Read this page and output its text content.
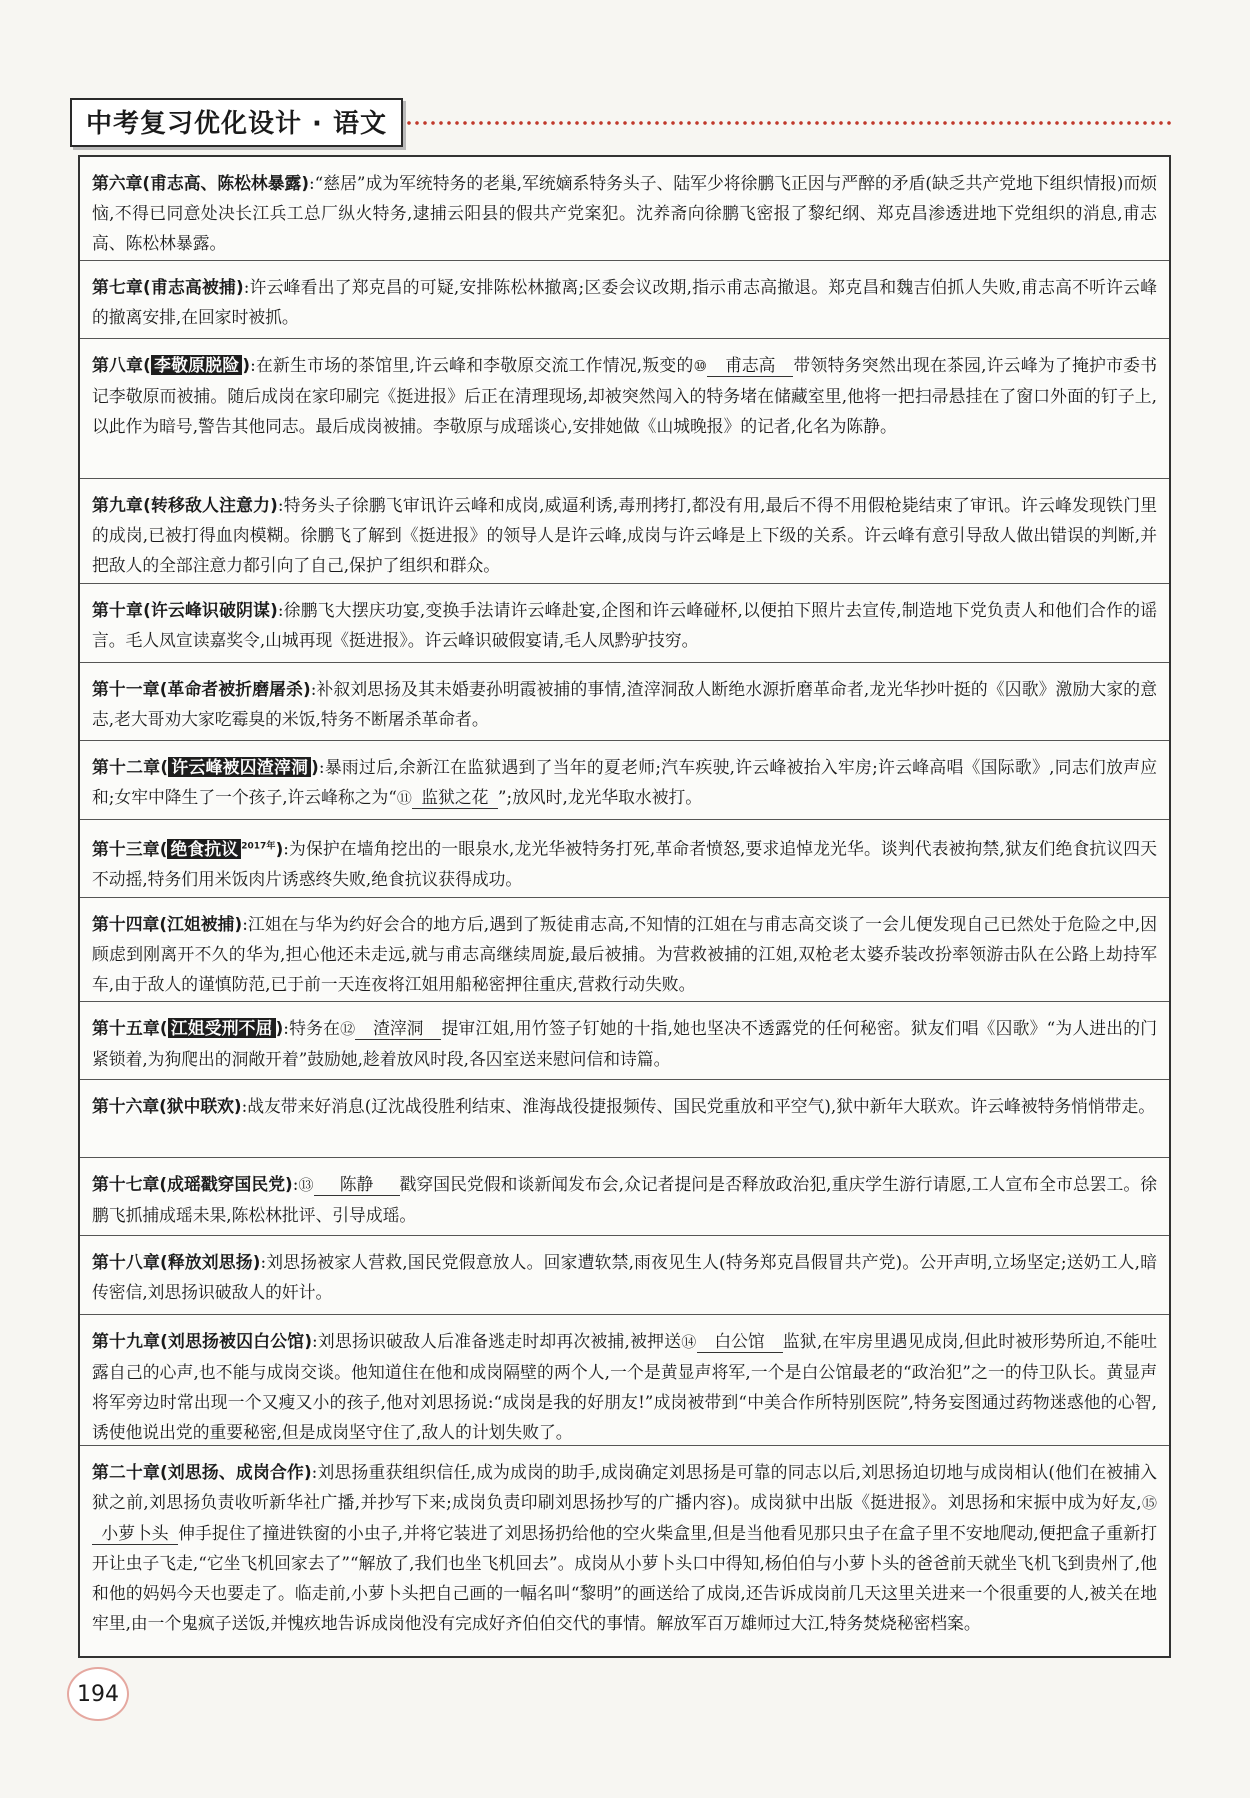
中考复习优化设计 · 语文
第六章(甫志高、陈松林暴露):“慈居”成为军统特务的老巢,军统嫡系特务头子、陆军少将徐鹏飞正因与严醉的矛盾(缺乏共产党地下组织情报)而烦恼,不得已同意处决长江兵工总厂纵火特务,逮捕云阳县的假共产党案犯。沈养斋向徐鹏飞密报了黎纪纲、郑克昌渗透进地下党组织的消息,甫志高、陈松林暴露。
第七章(甫志高被捕):许云峰看出了郑克昌的可疑,安排陈松林撤离;区委会议改期,指示甫志高撤退。郑克昌和魏吉伯抓人失败,甫志高不听许云峰的撤离安排,在回家时被抓。
第八章( 李敬原脱险 ):在新生市场的茶馆里,许云峰和李敬原交流工作情况,叛变的⑩ 甫志高 带领特务突然出现在茶园,许云峰为了掩护市委书记李敬原而被捕。随后成岗在家印刷完《挺进报》后正在清理现场,却被突然闯入的特务堵在储藏室里,他将一把扫帚悬挂在了窗口外面的钉子上,以此作为暗号,警告其他同志。最后成岗被捕。李敬原与成瑶谈心,安排她做《山城晚报》的记者,化名为陈静。
第九章(转移敌人注意力):特务头子徐鹏飞审讯许云峰和成岗,威逼利诱,毒刑拷打,都没有用,最后不得不用假枪毙结束了审讯。许云峰发现铁门里的成岗,已被打得血肉模糊。徐鹏飞了解到《挺进报》的领导人是许云峰,成岗与许云峰是上下级的关系。许云峰有意引导敌人做出错误的判断,并把敌人的全部注意力都引向了自己,保护了组织和群众。
第十章(许云峰识破阴谋):徐鹏飞大摆庆功宴,变换手法请许云峰赴宴,企图和许云峰碰杯,以便拍下照片去宣传,制造地下党负责人和他们合作的谣言。毛人凤宣读嘉奖令,山城再现《挺进报》。许云峰识破假宴请,毛人凤黔驴技穷。
第十一章(革命者被折磨屠杀):补叙刘思扬及其未婚妻孙明霞被捕的事情,渣滓洞敌人断绝水源折磨革命者,龙光华抄叶挺的《囚歌》激励大家的意志,老大哥劝大家吃霉臭的米饭,特务不断屠杀革命者。
第十二章( 许云峰被囚渣滓洞 ):暴雨过后,余新江在监狱遇到了当年的夏老师;汽车疾驶,许云峰被抬入牢房;许云峰高唱《国际歌》,同志们放声应和;女牢中降生了一个孩子,许云峰称之为“⑪ 监狱之花 ”;放风时,龙光华取水被打。
第十三章( 绝食抗议 $^{2017年}$):为保护在墙角挖出的一眼泉水,龙光华被特务打死,革命者愤怒,要求追悼龙光华。谈判代表被拘禁,狱友们绝食抗议四天不动摇,特务们用米饭肉片诱惑终失败,绝食抗议获得成功。
第十四章(江姐被捕):江姐在与华为约好会合的地方后,遇到了叛徒甫志高,不知情的江姐在与甫志高交谈了一会儿便发现自己已然处于危险之中,因顾虑到刚离开不久的华为,担心他还未走远,就与甫志高继续周旋,最后被捕。为营救被捕的江姐,双枪老太婆乔装改扮率领游击队在公路上劫持军车,由于敌人的谨慎防范,已于前一天连夜将江姐用船秘密押往重庆,营救行动失败。
第十五章( 江姐受刑不屈 ):特务在⑫ 渣滓洞 提审江姐,用竹签子钉她的十指,她也坚决不透露党的任何秘密。狱友们唱《囚歌》“为人进出的门紧锁着,为狗爬出的洞敞开着”鼓励她,趁着放风时段,各囚室送来慰问信和诗篇。
第十六章(狱中联欢):战友带来好消息(辽沈战役胜利结束、淮海战役捷报频传、国民党重放和平空气),狱中新年大联欢。许云峰被特务悄悄带走。
第十七章(成瑶戳穿国民党):⑬ 陈静 戳穿国民党假和谈新闻发布会,众记者提问是否释放政治犯,重庆学生游行请愿,工人宣布全市总罢工。徐鹏飞抓捕成瑶未果,陈松林批评、引导成瑶。
第十八章(释放刘思扬):刘思扬被家人营救,国民党假意放人。回家遭软禁,雨夜见生人(特务郑克昌假冒共产党)。公开声明,立场坚定;送奶工人,暗传密信,刘思扬识破敌人的奸计。
第十九章(刘思扬被囚白公馆):刘思扬识破敌人后准备逃走时却再次被捕,被押送⑭ 白公馆 监狱,在牢房里遇见成岗,但此时被形势所迫,不能吐露自己的心声,也不能与成岗交谈。他知道住在他和成岗隔壁的两个人,一个是黄显声将军,一个是白公馆最老的“政治犯”之一的侍卫队长。黄显声将军旁边时常出现一个又瘦又小的孩子,他对刘思扬说:“成岗是我的好朋友!”成岗被带到“中美合作所特别医院”,特务妄图通过药物迷惑他的心智,诱使他说出党的重要秘密,但是成岗坚守住了,敌人的计划失败了。
第二十章(刘思扬、成岗合作):刘思扬重获组织信任,成为成岗的助手,成岗确定刘思扬是可靠的同志以后,刘思扬迫切地与成岗相认(他们在被捕入狱之前,刘思扬负责收听新华社广播,并抄写下来;成岗负责印刷刘思扬抄写的广播内容)。成岗狱中出版《挺进报》。刘思扬和宋振中成为好友,⑮小萝卜头 伸手捉住了撞进铁窗的小虫子,并将它装进了刘思扬扔给他的空火柴盒里,但是当他看见那只虫子在盒子里不安地爬动,便把盒子重新打开让虫子飞走,“它坐飞机回家去了”“解放了,我们也坐飞机回去”。成岗从小萝卜头口中得知,杨伯伯与小萝卜头的爸爸前天就坐飞机飞到贵州了,他和他的妈妈今天也要走了。临走前,小萝卜头把自己画的一幅名叫“黎明”的画送给了成岗,还告诉成岗前几天这里关进来一个很重要的人,被关在地牢里,由一个鬼疯子送饭,并愧疚地告诉成岗他没有完成好齐伯伯交代的事情。解放军百万雄师过大江,特务焚烧秘密档案。
194
